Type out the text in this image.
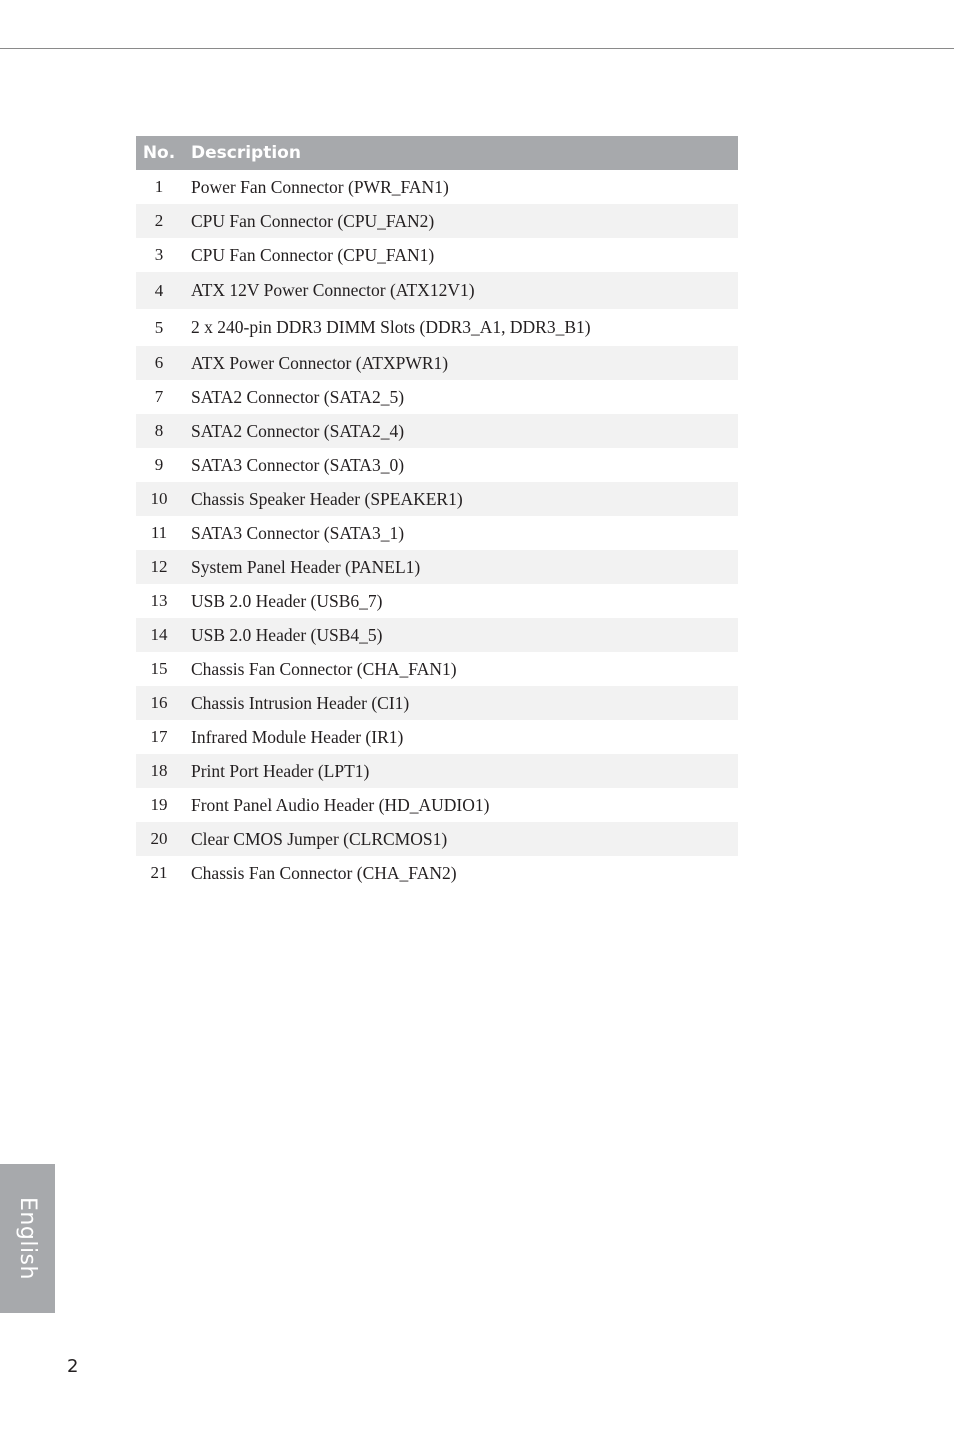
No. Description
1	Power Fan Connector (PWR_FAN1)
2	CPU Fan Connector (CPU_FAN2)
3	CPU Fan Connector (CPU_FAN1)
4	ATX 12V Power Connector (ATX12V1)
5	2 x 240-pin DDR3 DIMM Slots (DDR3_A1, DDR3_B1)
6	ATX Power Connector (ATXPWR1)
7	SATA2 Connector (SATA2_5)
8	SATA2 Connector (SATA2_4)
9	SATA3 Connector (SATA3_0)
10	Chassis Speaker Header (SPEAKER1)
11	SATA3 Connector (SATA3_1)
12	System Panel Header (PANEL1)
13	USB 2.0 Header (USB6_7)
14	USB 2.0 Header (USB4_5)
15	Chassis Fan Connector (CHA_FAN1)
16	Chassis Intrusion Header (CI1)
17	Infrared Module Header (IR1)
18	Print Port Header (LPT1)
19	Front Panel Audio Header (HD_AUDIO1)
20	Clear CMOS Jumper (CLRCMOS1)
21	Chassis Fan Connector (CHA_FAN2)
English
2
